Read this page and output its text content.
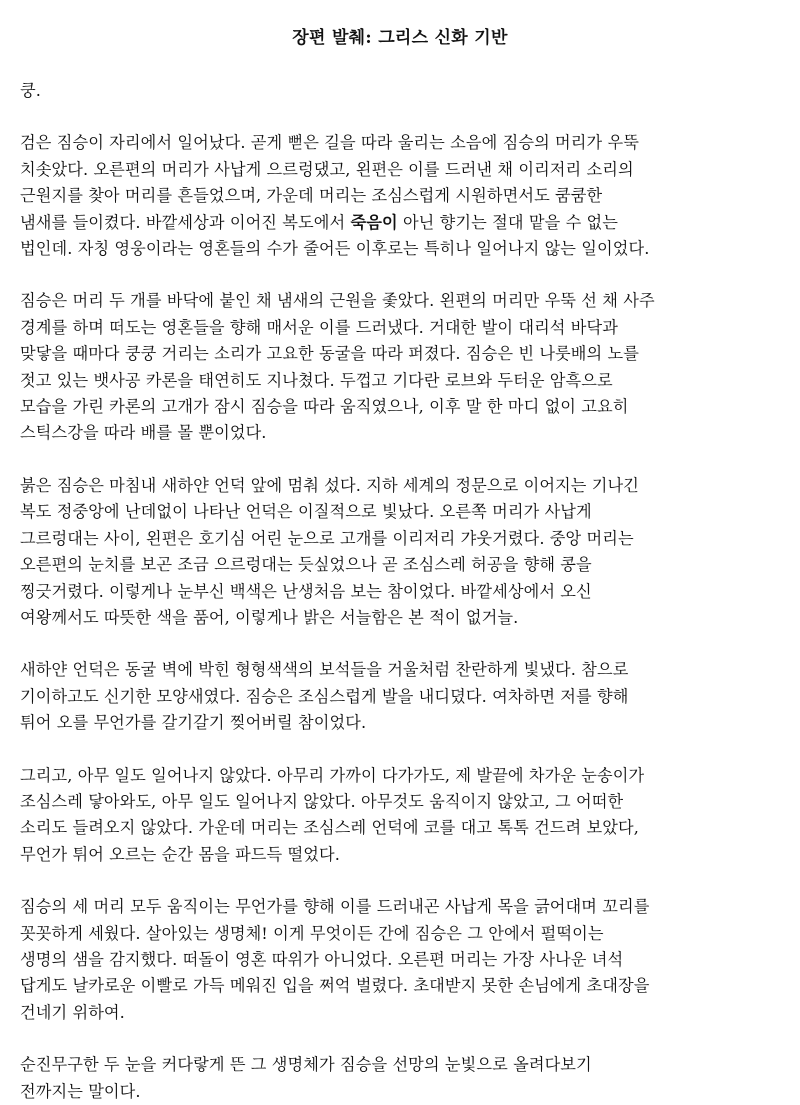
장편 발췌: 그리스 신화 기반
쿵.
검은 짐승이 자리에서 일어났다. 곧게 뻗은 길을 따라 울리는 소음에 짐승의 머리가 우뚝
치솟았다. 오른편의 머리가 사납게 으르렁댔고, 왼편은 이를 드러낸 채 이리저리 소리의
근원지를 찾아 머리를 흔들었으며, 가운데 머리는 조심스럽게 시원하면서도 쿰쿰한
냄새를 들이켰다. 바깥세상과 이어진 복도에서 죽음이 아닌 향기는 절대 맡을 수 없는
법인데. 자칭 영웅이라는 영혼들의 수가 줄어든 이후로는 특히나 일어나지 않는 일이었다.
짐승은 머리 두 개를 바닥에 붙인 채 냄새의 근원을 좇았다. 왼편의 머리만 우뚝 선 채 사주
경계를 하며 떠도는 영혼들을 향해 매서운 이를 드러냈다. 거대한 발이 대리석 바닥과
맞닿을 때마다 쿵쿵 거리는 소리가 고요한 동굴을 따라 퍼졌다. 짐승은 빈 나룻배의 노를
젓고 있는 뱃사공 카론을 태연히도 지나쳤다. 두껍고 기다란 로브와 두터운 암흑으로
모습을 가린 카론의 고개가 잠시 짐승을 따라 움직였으나, 이후 말 한 마디 없이 고요히
스틱스강을 따라 배를 몰 뿐이었다.
붉은 짐승은 마침내 새하얀 언덕 앞에 멈춰 섰다. 지하 세계의 정문으로 이어지는 기나긴
복도 정중앙에 난데없이 나타난 언덕은 이질적으로 빛났다. 오른쪽 머리가 사납게
그르렁대는 사이, 왼편은 호기심 어린 눈으로 고개를 이리저리 갸웃거렸다. 중앙 머리는
오른편의 눈치를 보곤 조금 으르렁대는 듯싶었으나 곧 조심스레 허공을 향해 콩을
찡긋거렸다. 이렇게나 눈부신 백색은 난생처음 보는 참이었다. 바깥세상에서 오신
여왕께서도 따뜻한 색을 품어, 이렇게나 밝은 서늘함은 본 적이 없거늘.
새하얀 언덕은 동굴 벽에 박힌 형형색색의 보석들을 거울처럼 찬란하게 빛냈다. 참으로
기이하고도 신기한 모양새였다. 짐승은 조심스럽게 발을 내디뎠다. 여차하면 저를 향해
튀어 오를 무언가를 갈기갈기 찢어버릴 참이었다.
그리고, 아무 일도 일어나지 않았다. 아무리 가까이 다가가도, 제 발끝에 차가운 눈송이가
조심스레 닿아와도, 아무 일도 일어나지 않았다. 아무것도 움직이지 않았고, 그 어떠한
소리도 들려오지 않았다. 가운데 머리는 조심스레 언덕에 코를 대고 톡톡 건드려 보았다,
무언가 튀어 오르는 순간 몸을 파드득 떨었다.
짐승의 세 머리 모두 움직이는 무언가를 향해 이를 드러내곤 사납게 목을 긁어대며 꼬리를
꼿꼿하게 세웠다. 살아있는 생명체! 이게 무엇이든 간에 짐승은 그 안에서 펄떡이는
생명의 샘을 감지했다. 떠돌이 영혼 따위가 아니었다. 오른편 머리는 가장 사나운 녀석
답게도 날카로운 이빨로 가득 메워진 입을 쩌억 벌렸다. 초대받지 못한 손님에게 초대장을
건네기 위하여.
순진무구한 두 눈을 커다랗게 뜬 그 생명체가 짐승을 선망의 눈빛으로 올려다보기
전까지는 말이다.
